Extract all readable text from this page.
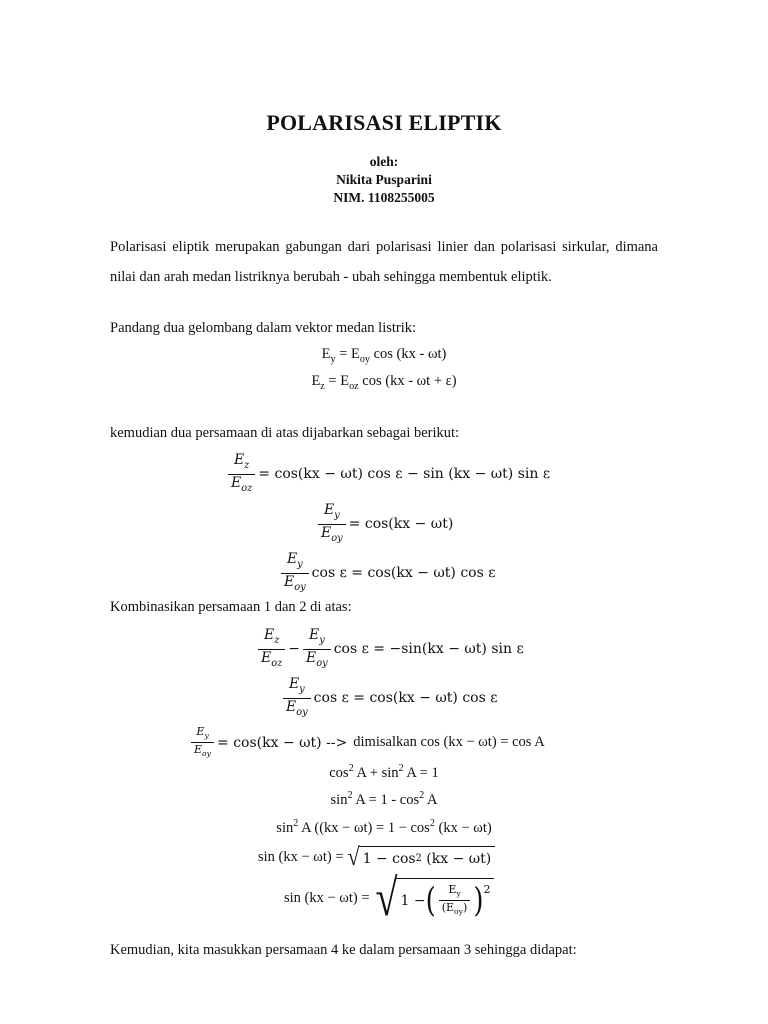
POLARISASI ELIPTIK
oleh:
Nikita Pusparini
NIM. 1108255005
Polarisasi eliptik merupakan gabungan dari polarisasi linier dan polarisasi sirkular, dimana nilai dan arah medan listriknya berubah - ubah sehingga membentuk eliptik.
Pandang dua gelombang dalam vektor medan listrik:
$E_y = E_{oy}$ cos (kx - ωt)
$E_z = E_{oz}$ cos (kx - ωt + ε)
kemudian dua persamaan di atas dijabarkan sebagai berikut:
$\frac{E_z}{E_{oz}} = \cos(kx - \omega t)$ cos ε − sin (kx − ωt) sin ε
$\frac{E_y}{E_{oy}} = \cos(kx - \omega t)$
$\frac{E_y}{E_{oy}}$ cos ε = cos(kx − ωt) cos ε
Kombinasikan persamaan 1 dan 2 di atas:
$\frac{E_z}{E_{oz}} - \frac{E_y}{E_{oy}}$ cos ε = −sin(kx − ωt) sin ε
$\frac{E_y}{E_{oy}}$ cos ε = cos(kx − ωt) cos ε
$\frac{E_y}{E_{oy}} = \cos(kx - \omega t)$ --> dimisalkan cos (kx − ωt) = cos A
$\cos^2 A + \sin^2 A = 1$
$\sin^2 A = 1 - \cos^2 A$
$\sin^2 A$ ($(kx - \omega t) = 1 - \cos^2 (kx - \omega t)$
sin (kx − ωt) = √ 1 − cos 2 (kx − ωt)
sin (kx − ωt) = √ 1 − ( $\frac{E_y}{(E_{oy})} )^2$
Kemudian, kita masukkan persamaan 4 ke dalam persamaan 3 sehingga didapat:
